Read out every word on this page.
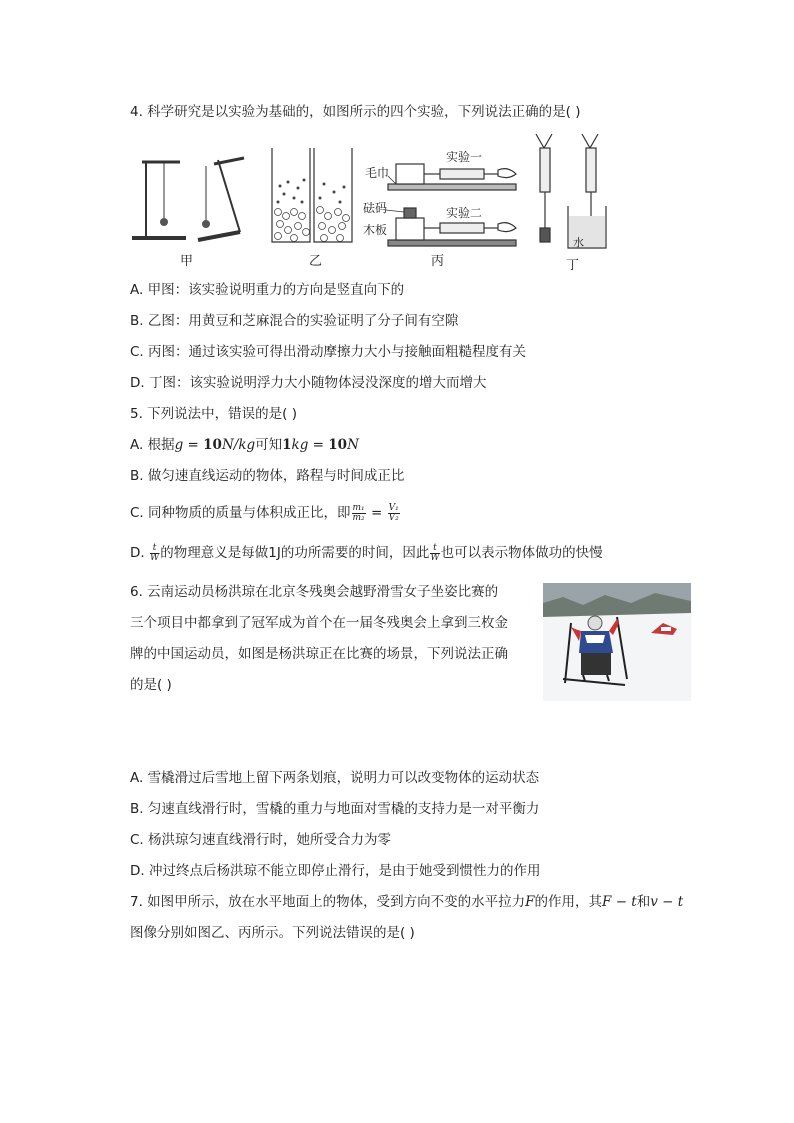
4. 科学研究是以实验为基础的，如图所示的四个实验，下列说法正确的是( )
甲	乙	丙	丁
毛巾
实验一
砝码
木板
实验二
水
A. 甲图：该实验说明重力的方向是竖直向下的
B. 乙图：用黄豆和芝麻混合的实验证明了分子间有空隙
C. 丙图：通过该实验可得出滑动摩擦力大小与接触面粗糙程度有关
D. 丁图：该实验说明浮力大小随物体浸没深度的增大而增大
5. 下列说法中，错误的是( )
A. 根据g = 10N/kg可知1kg = 10N
B. 做匀速直线运动的物体，路程与时间成正比
C. 同种物质的质量与体积成正比，即 $\frac{\text{m₁}}{\text{m₂}} = \frac{\text{V₁}}{\text{V₂}}$
D. $\frac{t}{W}$ 的物理意义是每做1J的功所需要的时间，因此 $\frac{t}{W}$ 也可以表示物体做功的快慢
6. 云南运动员杨洪琼在北京冬残奥会越野滑雪女子坐姿比赛的
三个项目中都拿到了冠军成为首个在一届冬残奥会上拿到三枚金
牌的中国运动员，如图是杨洪琼正在比赛的场景，下列说法正确
的是( )
A. 雪橇滑过后雪地上留下两条划痕，说明力可以改变物体的运动状态
B. 匀速直线滑行时，雪橇的重力与地面对雪橇的支持力是一对平衡力
C. 杨洪琼匀速直线滑行时，她所受合力为零
D. 冲过终点后杨洪琼不能立即停止滑行，是由于她受到惯性力的作用
7. 如图甲所示，放在水平地面上的物体，受到方向不变的水平拉力F的作用，其F − t和v − t
图像分别如图乙、丙所示。下列说法错误的是( )
